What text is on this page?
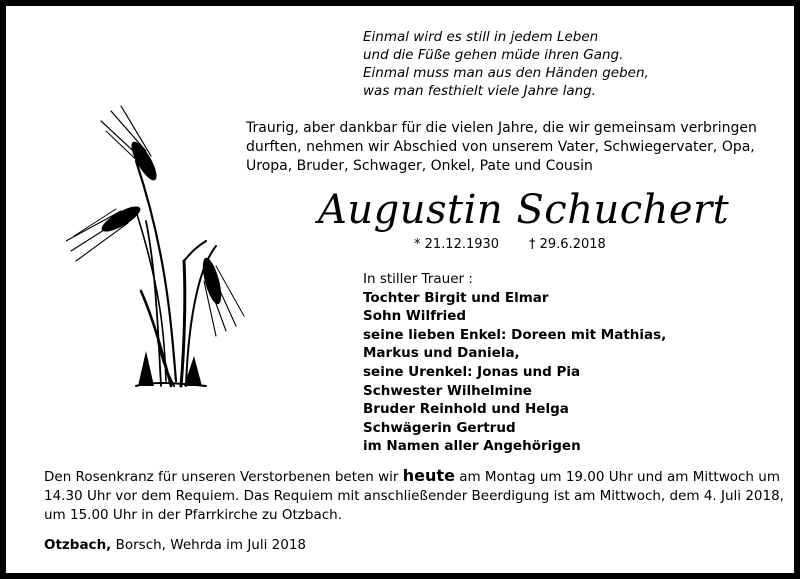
Einmal wird es still in jedem Leben
und die Füße gehen müde ihren Gang.
Einmal muss man aus den Händen geben,
was man festhielt viele Jahre lang.
Traurig, aber dankbar für die vielen Jahre, die wir gemeinsam verbringen
durften, nehmen wir Abschied von unserem Vater, Schwiegervater, Opa,
Uropa, Bruder, Schwager, Onkel, Pate und Cousin
Augustin Schuchert
* 21.12.1930 † 29.6.2018
In stiller Trauer :
Tochter Birgit und Elmar
Sohn Wilfried
seine lieben Enkel: Doreen mit Mathias,
Markus und Daniela,
seine Urenkel: Jonas und Pia
Schwester Wilhelmine
Bruder Reinhold und Helga
Schwägerin Gertrud
im Namen aller Angehörigen
Den Rosenkranz für unseren Verstorbenen beten wir heute am Montag um 19.00 Uhr und am Mittwoch um
14.30 Uhr vor dem Requiem. Das Requiem mit anschließender Beerdigung ist am Mittwoch, dem 4. Juli 2018,
um 15.00 Uhr in der Pfarrkirche zu Otzbach.
Otzbach, Borsch, Wehrda im Juli 2018
